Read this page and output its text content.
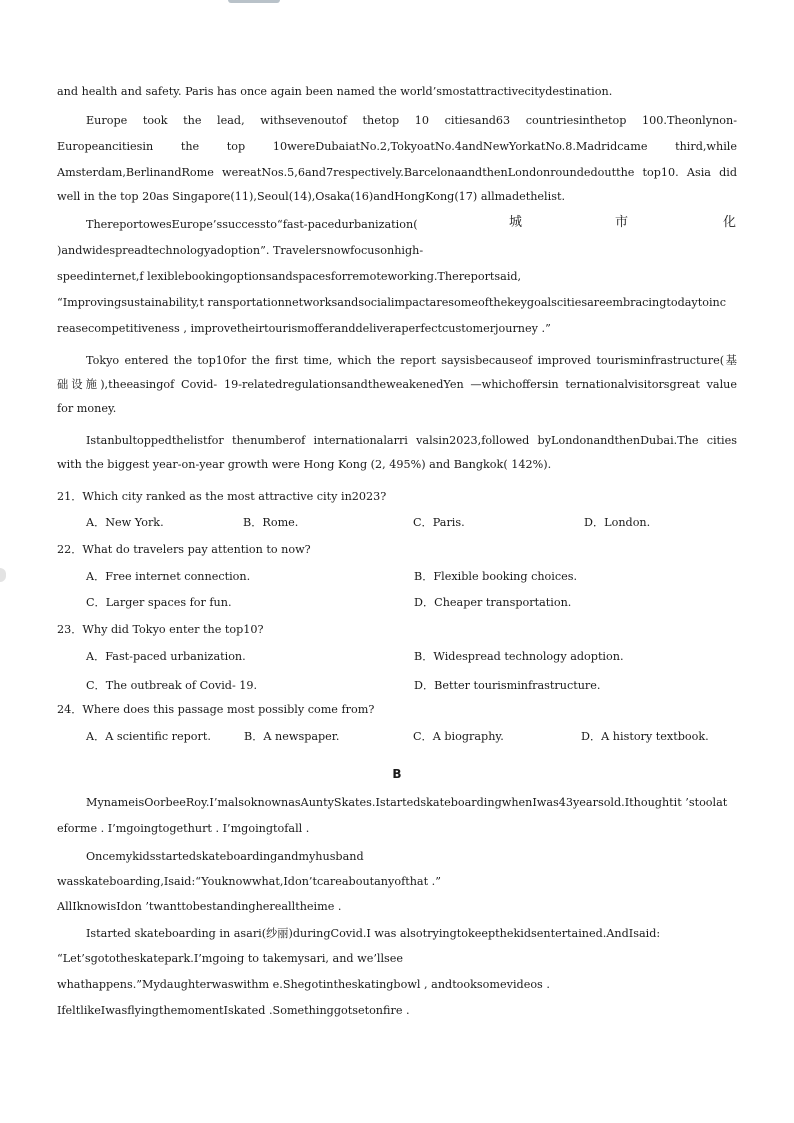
and health and safety. Paris has once again been named the world’smostattractivecitydestination.

Europe took the lead, withsevenoutof thetop 10 citiesand63 countriesinthetop 100.Theonlynon-

Europeancitiesin the top 10wereDubaiatNo.2,TokyoatNo.4andNewYorkatNo.8.Madridcame third,while

Amsterdam,BerlinandRome wereatNos.5,6and7respectively.BarcelonaandthenLondonroundedoutthe top10. Asia did

well in the top 20as Singapore(11),Seoul(14),Osaka(16)andHongKong(17) allmadethelist.

ThereportowesEurope’ssuccessto“fast-pacedurbanization(	城	市	化

)andwidespreadtechnologyadoption”. Travelersnowfocusonhigh-

speedinternet,f lexiblebookingoptionsandspacesforremoteworking.Thereportsaid,

“Improvingsustainability,t ransportationnetworksandsocialimpactaresomeofthekeygoalscitiesareembracingtodaytoinc

reasecompetitiveness , improvetheirtourismofferanddeliveraperfectcustomerjourney .”

Tokyo entered the top10for the first time, which the report saysisbecauseof improved tourisminfrastructure(基

础设施),theeasingof Covid- 19-relatedregulationsandtheweakenedYen —whichoffersin ternationalvisitorsgreat value

for money.

Istanbultoppedthelistfor thenumberof internationalarri valsin2023,followed byLondonandthenDubai.The cities

with the biggest year-on-year growth were Hong Kong (2, 495%) and Bangkok( 142%).

21．Which city ranked as the most attractive city in2023?

A．New York.	B．Rome.	C．Paris.	D．London.

22．What do travelers pay attention to now?

A．Free internet connection.	B．Flexible booking choices.
C．Larger spaces for fun.	D．Cheaper transportation.

23．Why did Tokyo enter the top10?

A．Fast-paced urbanization.	B．Widespread technology adoption.
C．The outbreak of Covid- 19.	D．Better tourisminfrastructure.

24．Where does this passage most possibly come from?

A．A scientific report.	B．A newspaper.	C．A biography.	D．A history textbook.
B

MynameisOorbeeRoy.I’malsoknownasAuntySkates.IstartedskateboardingwhenIwas43yearsold.Ithoughtit ’stoolat

eforme . I’mgoingtogethurt . I’mgoingtofall .

Oncemykidsstartedskateboardingandmyhusband

wasskateboarding,Isaid:“Youknowwhat,Idon’tcareaboutanyofthat .”

AllIknowisIdon ’twanttobestandingherealltheime .

Istarted skateboarding in asari(纱丽)duringCovid.I was alsotryingtokeepthekidsentertained.AndIsaid:

“Let’sgototheskatepark.I’mgoing to takemysari, and we’llsee

whathappens.”Mydaughterwaswithm e.Shegotintheskatingbowl , andtooksomevideos .

IfeltlikeIwasflyingthemomentIskated .Somethinggotsetonfire .
